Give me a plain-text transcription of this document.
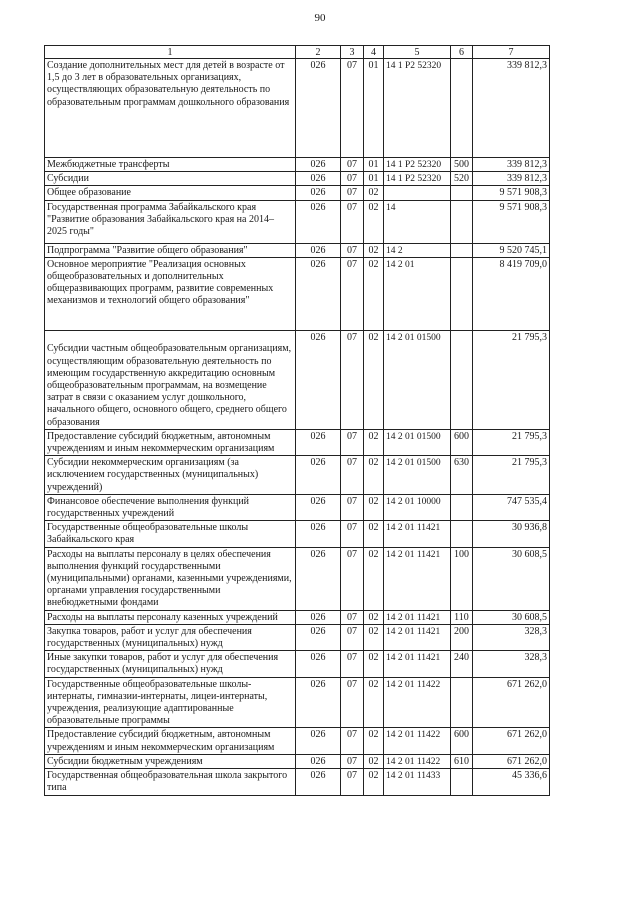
90
1	2	3	4	5	6	7
Создание дополнительных мест для детей в возрасте от 1,5 до 3 лет в образовательных организациях, осуществляющих образовательную деятельность по образовательным программам дошкольного образования	026	07	01	14 1 P2 52320		339 812,3
Межбюджетные трансферты	026	07	01	14 1 P2 52320	500	339 812,3
Субсидии	026	07	01	14 1 P2 52320	520	339 812,3
Общее образование	026	07	02			9 571 908,3
Государственная программа Забайкальского края "Развитие образования Забайкальского края на 2014–2025 годы"	026	07	02	14		9 571 908,3
Подпрограмма "Развитие общего образования"	026	07	02	14 2		9 520 745,1
Основное мероприятие "Реализация основных общеобразовательных и дополнительных общеразвивающих программ, развитие современных механизмов и технологий общего образования"	026	07	02	14 2 01		8 419 709,0
Субсидии частным общеобразовательным организациям, осуществляющим образовательную деятельность по имеющим государственную аккредитацию основным общеобразовательным программам, на возмещение затрат в связи с оказанием услуг дошкольного, начального общего, основного общего, среднего общего образования	026	07	02	14 2 01 01500		21 795,3
Предоставление субсидий бюджетным, автономным учреждениям и иным некоммерческим организациям	026	07	02	14 2 01 01500	600	21 795,3
Субсидии некоммерческим организациям (за исключением государственных (муниципальных) учреждений)	026	07	02	14 2 01 01500	630	21 795,3
Финансовое обеспечение выполнения функций государственных учреждений	026	07	02	14 2 01 10000		747 535,4
Государственные общеобразовательные школы Забайкальского края	026	07	02	14 2 01 11421		30 936,8
Расходы на выплаты персоналу в целях обеспечения выполнения функций государственными (муниципальными) органами, казенными учреждениями, органами управления государственными внебюджетными фондами	026	07	02	14 2 01 11421	100	30 608,5
Расходы на выплаты персоналу казенных учреждений	026	07	02	14 2 01 11421	110	30 608,5
Закупка товаров, работ и услуг для обеспечения государственных (муниципальных) нужд	026	07	02	14 2 01 11421	200	328,3
Иные закупки товаров, работ и услуг для обеспечения государственных (муниципальных) нужд	026	07	02	14 2 01 11421	240	328,3
Государственные общеобразовательные школы-интернаты, гимназии-интернаты, лицеи-интернаты, учреждения, реализующие адаптированные образовательные программы	026	07	02	14 2 01 11422		671 262,0
Предоставление субсидий бюджетным, автономным учреждениям и иным некоммерческим организациям	026	07	02	14 2 01 11422	600	671 262,0
Субсидии бюджетным учреждениям	026	07	02	14 2 01 11422	610	671 262,0
Государственная общеобразовательная школа закрытого типа	026	07	02	14 2 01 11433		45 336,6
